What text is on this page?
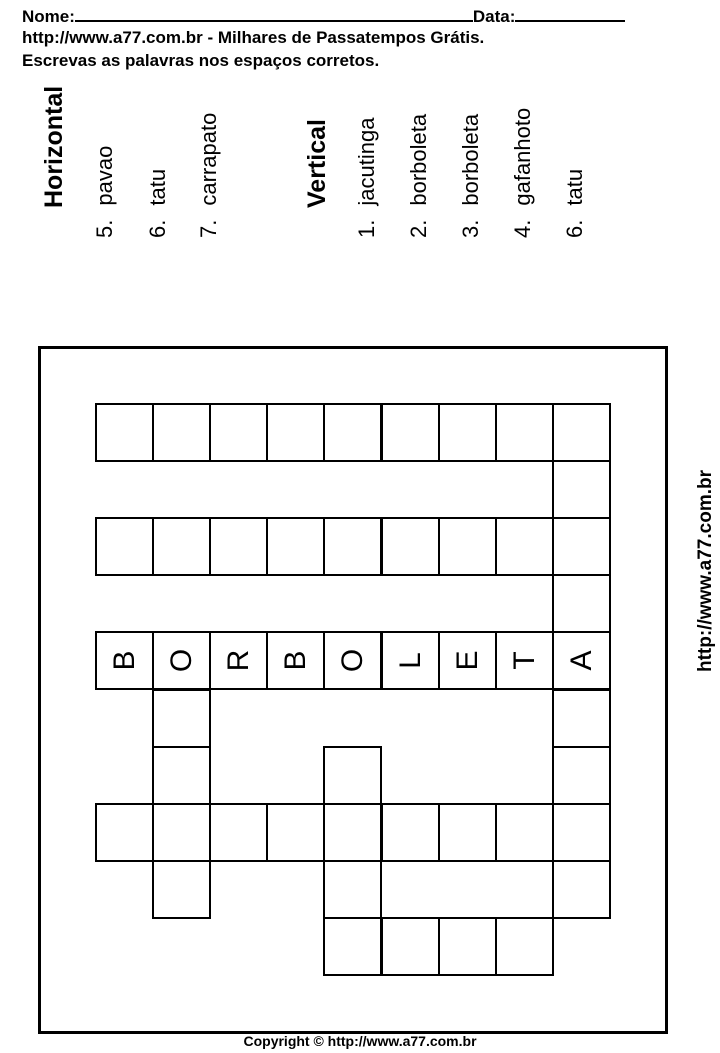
Nome:	Data:
http://www.a77.com.br - Milhares de Passatempos Grátis.
Escrevas as palavras nos espaços corretos.
Horizontal
5.pavao
6.tatu
7.carrapato	Vertical
1.jacutinga
2.borboleta
3.borboleta
4.gafanhoto
6.tatu
B O R B O L E T A	http://www.a77.com.br
Copyright © http://www.a77.com.br
